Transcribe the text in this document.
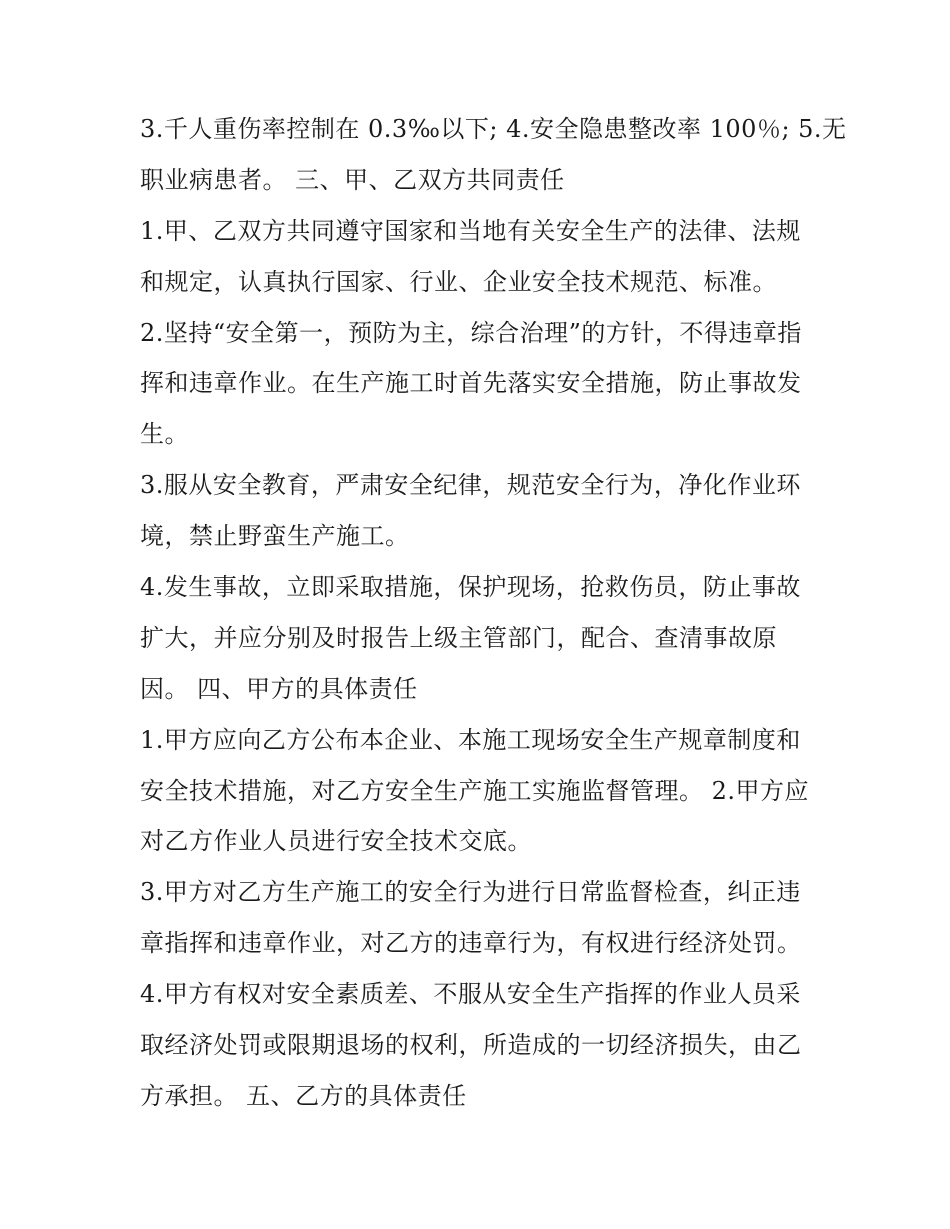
3.千人重伤率控制在 0.3‰以下; 4.安全隐患整改率 100％; 5.无
职业病患者。 三、甲、乙双方共同责任
1.甲、乙双方共同遵守国家和当地有关安全生产的法律、法规
和规定，认真执行国家、行业、企业安全技术规范、标准。
2.坚持“安全第一，预防为主，综合治理”的方针，不得违章指
挥和违章作业。在生产施工时首先落实安全措施，防止事故发
生。
3.服从安全教育，严肃安全纪律，规范安全行为，净化作业环
境，禁止野蛮生产施工。
4.发生事故，立即采取措施，保护现场，抢救伤员，防止事故
扩大，并应分别及时报告上级主管部门，配合、查清事故原
因。 四、甲方的具体责任
1.甲方应向乙方公布本企业、本施工现场安全生产规章制度和
安全技术措施，对乙方安全生产施工实施监督管理。 2.甲方应
对乙方作业人员进行安全技术交底。
3.甲方对乙方生产施工的安全行为进行日常监督检查，纠正违
章指挥和违章作业，对乙方的违章行为，有权进行经济处罚。
4.甲方有权对安全素质差、不服从安全生产指挥的作业人员采
取经济处罚或限期退场的权利，所造成的一切经济损失，由乙
方承担。 五、乙方的具体责任
